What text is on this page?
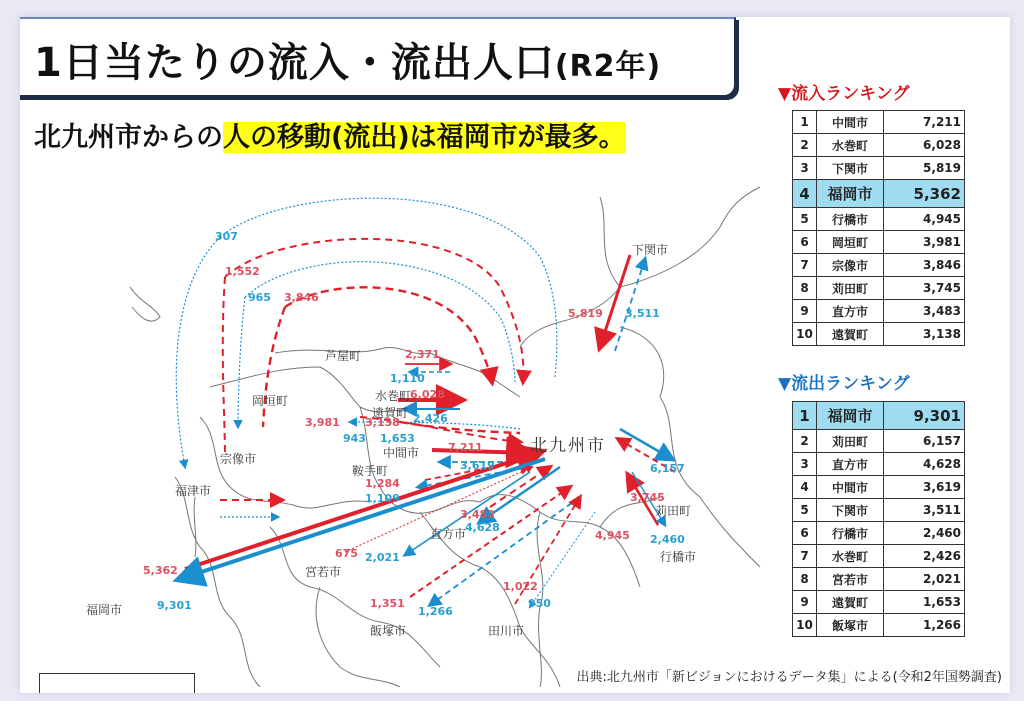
1日当たりの流入・流出人口(R2年)
北九州市からの人の移動(流出)は福岡市が最多。
北九州市
下関市
芦屋町
岡垣町	水巻町
遠賀町
宗像市	中間市
鞍手町
福津市
直方市
宮若市
苅田町
行橋市
飯塚市	田川市
福岡市
307
1,552
965 3,846
2,371
1,110
6,028
2,426
3,981 3,138
943 1,653
7,211
3,619
1,284
1,109
3,483
4,628
675 2,021
1,351
1,266
1,022
950
5,819 3,511
6,157
3,745
4,945 2,460
5,362
9,301
▼流入ランキング
1	中間市	7,211
2	水巻町	6,028
3	下関市	5,819
4	福岡市	5,362
5	行橋市	4,945
6	岡垣町	3,981
7	宗像市	3,846
8	苅田町	3,745
9	直方市	3,483
10	遠賀町	3,138
▼流出ランキング
1	福岡市	9,301
2	苅田町	6,157
3	直方市	4,628
4	中間市	3,619
5	下関市	3,511
6	行橋市	2,460
7	水巻町	2,426
8	宮若市	2,021
9	遠賀町	1,653
10	飯塚市	1,266
出典:北九州市「新ビジョンにおけるデータ集」による(令和2年国勢調査)
